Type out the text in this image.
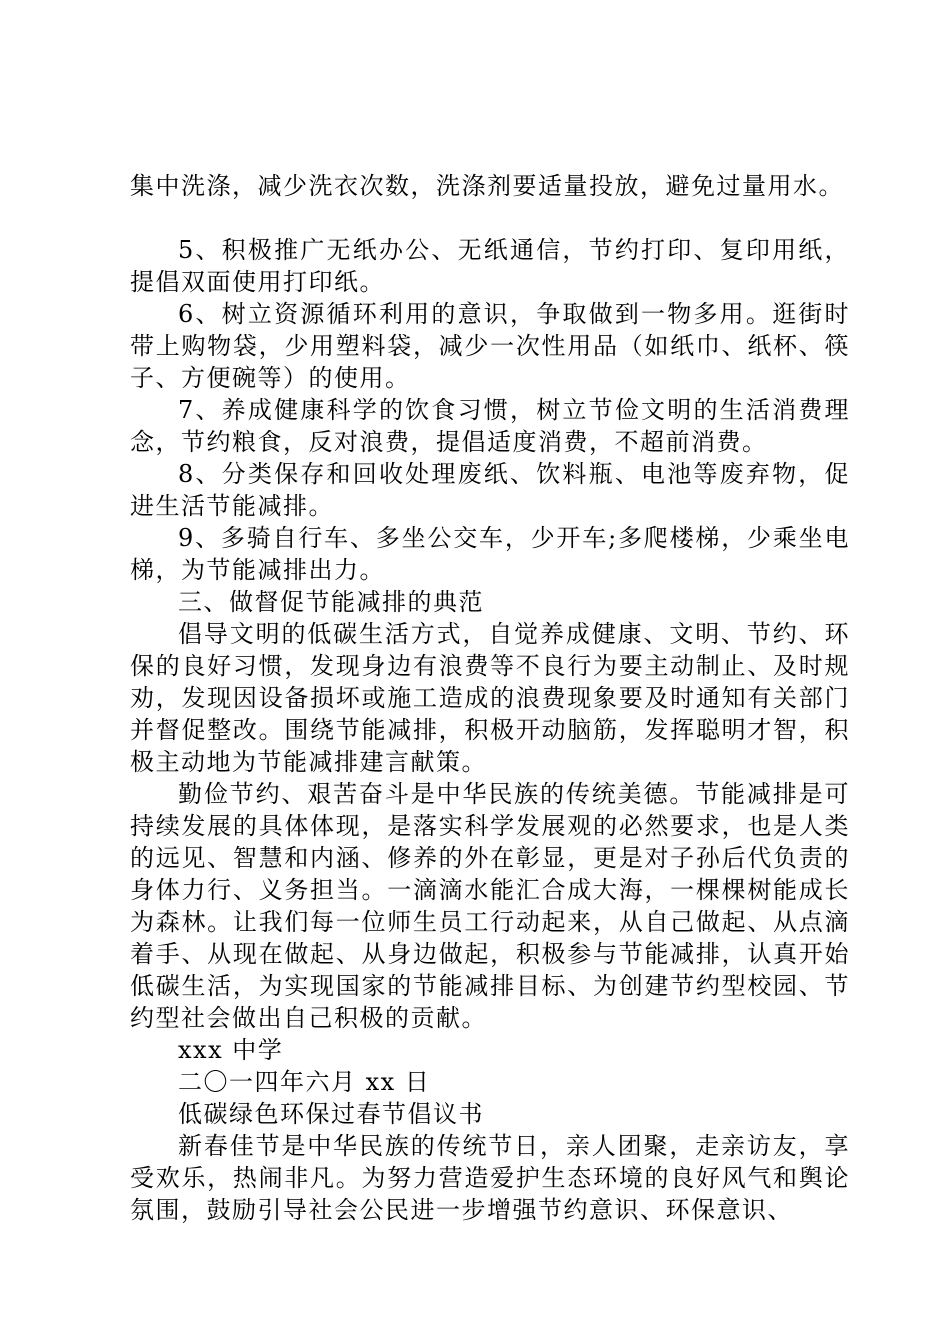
集中洗涤，减少洗衣次数，洗涤剂要适量投放，避免过量用水。

5、积极推广无纸办公、无纸通信，节约打印、复印用纸，提倡双面使用打印纸。

6、树立资源循环利用的意识，争取做到一物多用。逛街时带上购物袋，少用塑料袋，减少一次性用品（如纸巾、纸杯、筷子、方便碗等）的使用。

7、养成健康科学的饮食习惯，树立节俭文明的生活消费理念，节约粮食，反对浪费，提倡适度消费，不超前消费。

8、分类保存和回收处理废纸、饮料瓶、电池等废弃物，促进生活节能减排。

9、多骑自行车、多坐公交车，少开车;多爬楼梯，少乘坐电梯，为节能减排出力。

三、做督促节能减排的典范

倡导文明的低碳生活方式，自觉养成健康、文明、节约、环保的良好习惯，发现身边有浪费等不良行为要主动制止、及时规劝，发现因设备损坏或施工造成的浪费现象要及时通知有关部门并督促整改。围绕节能减排，积极开动脑筋，发挥聪明才智，积极主动地为节能减排建言献策。

勤俭节约、艰苦奋斗是中华民族的传统美德。节能减排是可持续发展的具体体现，是落实科学发展观的必然要求，也是人类的远见、智慧和内涵、修养的外在彰显，更是对子孙后代负责的身体力行、义务担当。一滴滴水能汇合成大海，一棵棵树能成长为森林。让我们每一位师生员工行动起来，从自己做起、从点滴着手、从现在做起、从身边做起，积极参与节能减排，认真开始低碳生活，为实现国家的节能减排目标、为创建节约型校园、节约型社会做出自己积极的贡献。

xxx 中学

二〇一四年六月 xx 日

低碳绿色环保过春节倡议书

新春佳节是中华民族的传统节日，亲人团聚，走亲访友，享受欢乐，热闹非凡。为努力营造爱护生态环境的良好风气和舆论氛围，鼓励引导社会公民进一步增强节约意识、环保意识、
